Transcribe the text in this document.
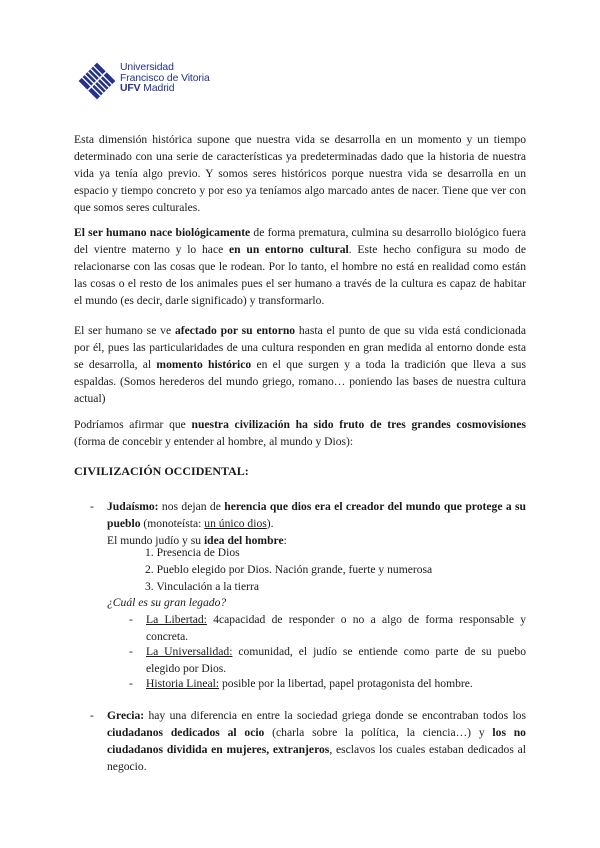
Universidad
Francisco de Vitoria
UFV Madrid

Esta dimensión histórica supone que nuestra vida se desarrolla en un momento y un tiempo determinado con una serie de características ya predeterminadas dado que la historia de nuestra vida ya tenía algo previo. Y somos seres históricos porque nuestra vida se desarrolla en un espacio y tiempo concreto y por eso ya teníamos algo marcado antes de nacer. Tiene que ver con que somos seres culturales.

El ser humano nace biológicamente de forma prematura, culmina su desarrollo biológico fuera del vientre materno y lo hace en un entorno cultural. Este hecho configura su modo de relacionarse con las cosas que le rodean. Por lo tanto, el hombre no está en realidad como están las cosas o el resto de los animales pues el ser humano a través de la cultura es capaz de habitar el mundo (es decir, darle significado) y transformarlo.

El ser humano se ve afectado por su entorno hasta el punto de que su vida está condicionada por él, pues las particularidades de una cultura responden en gran medida al entorno donde esta se desarrolla, al momento histórico en el que surgen y a toda la tradición que lleva a sus espaldas. (Somos herederos del mundo griego, romano… poniendo las bases de nuestra cultura actual)

Podríamos afirmar que nuestra civilización ha sido fruto de tres grandes cosmovisiones (forma de concebir y entender al hombre, al mundo y Dios):

CIVILIZACIÓN OCCIDENTAL:

- Judaísmo: nos dejan de herencia que dios era el creador del mundo que protege a su pueblo (monoteísta: un único dios).

El mundo judío y su idea del hombre:
1. Presencia de Dios
2. Pueblo elegido por Dios. Nación grande, fuerte y numerosa
3. Vinculación a la tierra
¿Cuál es su gran legado?
- La Libertad: 4capacidad de responder o no a algo de forma responsable y concreta.

- La Universalidad: comunidad, el judío se entiende como parte de su puebo elegido por Dios.

- Historia Lineal: posible por la libertad, papel protagonista del hombre.

- Grecia: hay una diferencia en entre la sociedad griega donde se encontraban todos los ciudadanos dedicados al ocio (charla sobre la política, la ciencia…) y los no ciudadanos dividida en mujeres, extranjeros, esclavos los cuales estaban dedicados al negocio.
